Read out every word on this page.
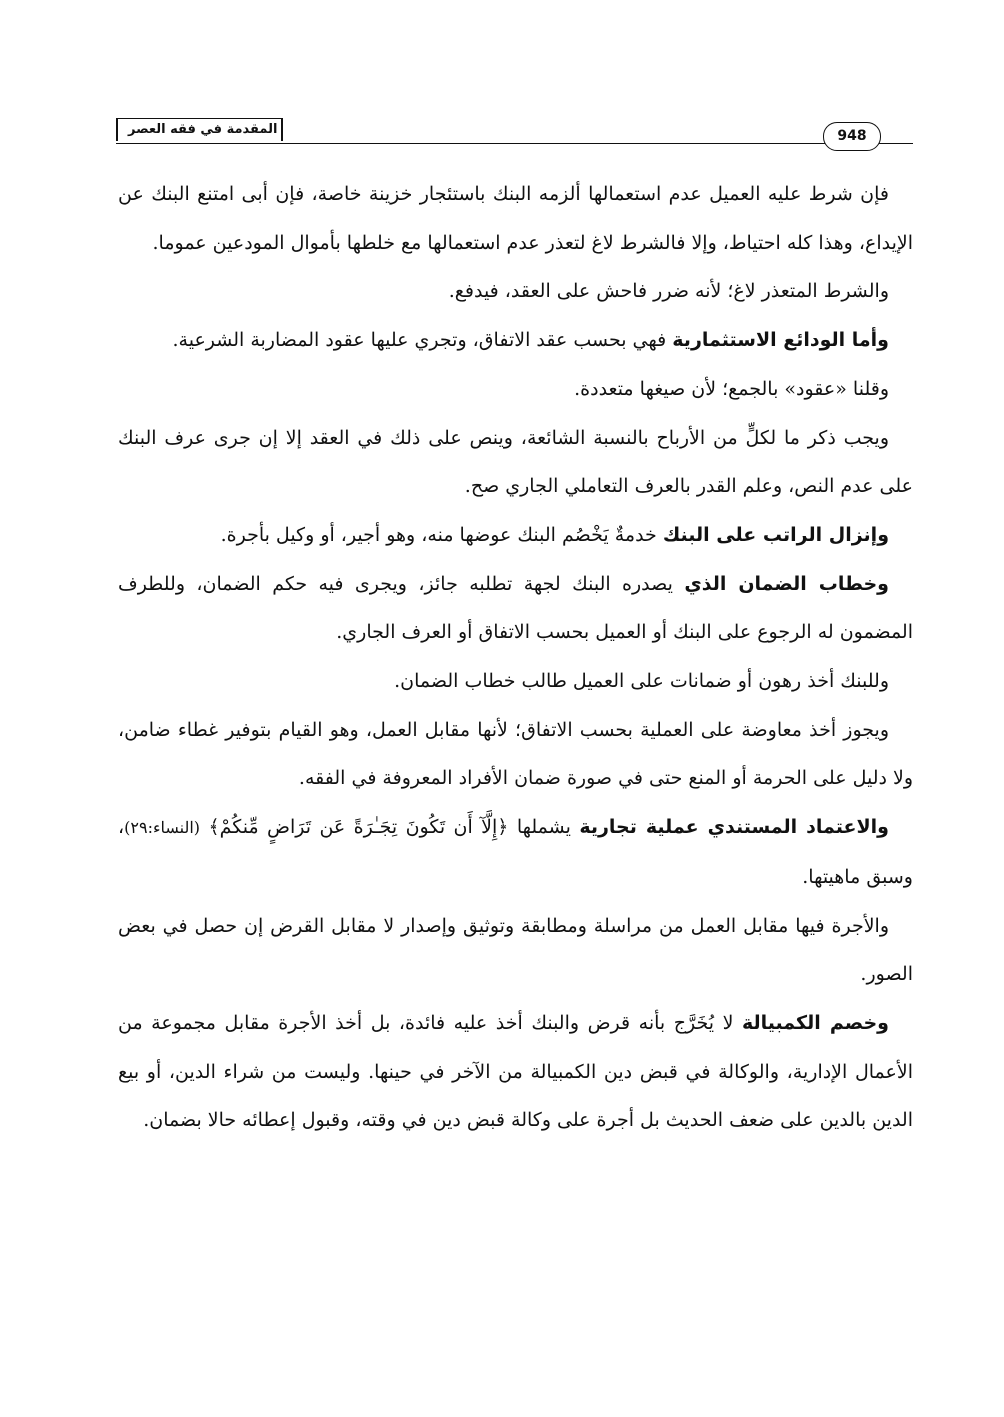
المقدمة في فقه العصر	948

فإن شرط عليه العميل عدم استعمالها ألزمه البنك باستئجار خزينة خاصة، فإن أبى امتنع البنك عن الإيداع، وهذا كله احتياط، وإلا فالشرط لاغ لتعذر عدم استعمالها مع خلطها بأموال المودعين عموما.

والشرط المتعذر لاغ؛ لأنه ضرر فاحش على العقد، فيدفع.

وأما الودائع الاستثمارية فهي بحسب عقد الاتفاق، وتجري عليها عقود المضاربة الشرعية.

وقلنا «عقود» بالجمع؛ لأن صيغها متعددة.

ويجب ذكر ما لكلٍّ من الأرباح بالنسبة الشائعة، وينص على ذلك في العقد إلا إن جرى عرف البنك على عدم النص، وعلم القدر بالعرف التعاملي الجاري صح.

وإنزال الراتب على البنك خدمةٌ يَخْصُم البنك عوضها منه، وهو أجير، أو وكيل بأجرة.

وخطاب الضمان الذي يصدره البنك لجهة تطلبه جائز، ويجرى فيه حكم الضمان، وللطرف المضمون له الرجوع على البنك أو العميل بحسب الاتفاق أو العرف الجاري.

وللبنك أخذ رهون أو ضمانات على العميل طالب خطاب الضمان.

ويجوز أخذ معاوضة على العملية بحسب الاتفاق؛ لأنها مقابل العمل، وهو القيام بتوفير غطاء ضامن، ولا دليل على الحرمة أو المنع حتى في صورة ضمان الأفراد المعروفة في الفقه.

والاعتماد المستندي عملية تجارية يشملها ﴿إِلَّآ أَن تَكُونَ تِجَـٰرَةً عَن تَرَاضٍ مِّنكُمْ﴾ (النساء:٢٩)، وسبق ماهيتها.

والأجرة فيها مقابل العمل من مراسلة ومطابقة وتوثيق وإصدار لا مقابل القرض إن حصل في بعض الصور.

وخصم الكمبيالة لا يُخَرَّج بأنه قرض والبنك أخذ عليه فائدة، بل أخذ الأجرة مقابل مجموعة من الأعمال الإدارية، والوكالة في قبض دين الكمبيالة من الآخر في حينها. وليست من شراء الدين، أو بيع الدين بالدين على ضعف الحديث بل أجرة على وكالة قبض دين في وقته، وقبول إعطائه حالا بضمان.
